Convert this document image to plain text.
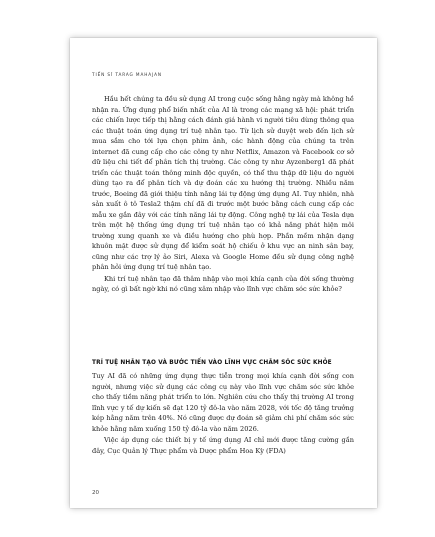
TIẾN SĨ TARAG MAHAJAN

Hầu hết chúng ta đều sử dụng AI trong cuộc sống hằng ngày mà không hề nhận ra. Ứng dụng phổ biến nhất của AI là trong các mạng xã hội: phát triển các chiến lược tiếp thị hằng cách đánh giá hành vi người tiêu dùng thông qua các thuật toán ứng dụng trí tuệ nhân tạo. Từ lịch sử duyệt web đến lịch sử mua sắm cho tới lựa chọn phim ảnh, các hành động của chúng ta trên internet đã cung cấp cho các công ty như Netflix, Amazon và Facebook cơ sở dữ liệu chi tiết để phân tích thị trường. Các công ty như Ayzenberg1 đã phát triển các thuật toán thông minh độc quyền, có thể thu thập dữ liệu do người dùng tạo ra để phân tích và dự đoán các xu hướng thị trường. Nhiều năm trước, Boeing đã giới thiệu tính năng lái tự động ứng dụng AI. Tuy nhiên, nhà sản xuất ô tô Tesla2 thậm chí đã đi trước một bước bằng cách cung cấp các mẫu xe gắn đây với các tính năng lái tự động. Công nghệ tự lái của Tesla dựa trên một hệ thống ứng dụng trí tuệ nhân tạo có khả năng phát hiện môi trường xung quanh xe và điều hướng cho phù hợp. Phần mềm nhận dạng khuôn mặt được sử dụng để kiểm soát hộ chiếu ở khu vực an ninh sân bay, cũng như các trợ lý ảo Siri, Alexa và Google Home đều sử dụng công nghệ phân hỏi ứng dụng trí tuệ nhân tạo.

Khi trí tuệ nhân tạo đã thâm nhập vào mọi khía cạnh của đời sống thường ngày, có gì bất ngờ khi nó cũng xâm nhập vào lĩnh vực chăm sóc sức khỏe?

TRÍ TUỆ NHÂN TẠO VÀ BƯỚC TIẾN VÀO LĨNH VỰC CHĂM SÓC SỨC KHỎE

Tuy AI đã có những ứng dụng thực tiễn trong mọi khía cạnh đời sống con người, nhưng việc sử dụng các công cụ này vào lĩnh vực chăm sóc sức khỏe cho thấy tiềm năng phát triển to lớn. Nghiên cứu cho thấy thị trường AI trong lĩnh vực y tế dự kiến sẽ đạt 120 tỷ đô-la vào năm 2028, với tốc độ tăng trưởng kép hằng năm trên 40%. Nó cũng được dự đoán sẽ giảm chi phí chăm sóc sức khỏe hằng năm xuống 150 tỷ đô-la vào năm 2026.

Việc áp dụng các thiết bị y tế ứng dụng AI chỉ mới được tăng cường gần đây, Cục Quản lý Thực phẩm và Dược phẩm Hoa Kỳ (FDA)

20
